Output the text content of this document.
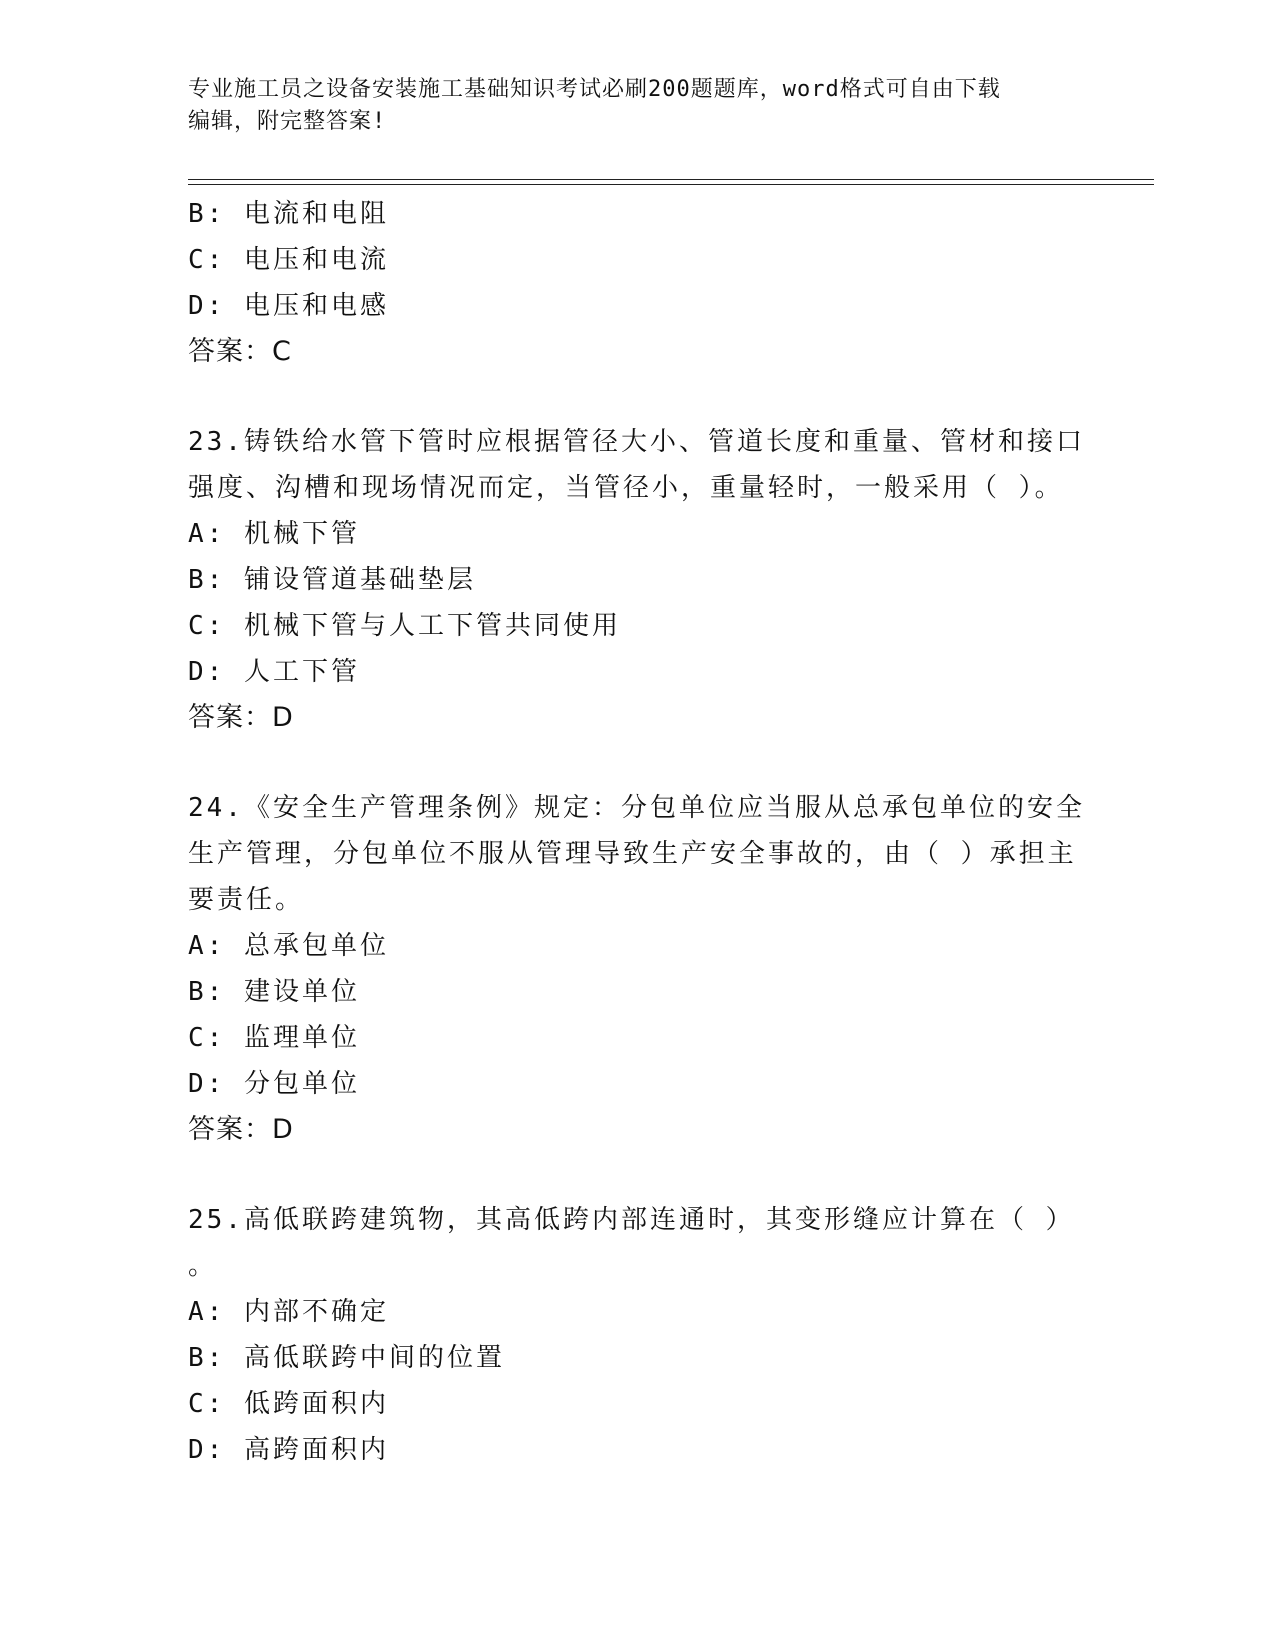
专业施工员之设备安装施工基础知识考试必刷200题题库，word格式可自由下载
编辑，附完整答案!
B: 电流和电阻
C: 电压和电流
D: 电压和电感
答案：C
23.铸铁给水管下管时应根据管径大小、管道长度和重量、管材和接口
强度、沟槽和现场情况而定，当管径小，重量轻时，一般采用（ ）。
A: 机械下管
B: 铺设管道基础垫层
C: 机械下管与人工下管共同使用
D: 人工下管
答案：D
24.《安全生产管理条例》规定：分包单位应当服从总承包单位的安全
生产管理，分包单位不服从管理导致生产安全事故的，由（ ）承担主
要责任。
A: 总承包单位
B: 建设单位
C: 监理单位
D: 分包单位
答案：D
25.高低联跨建筑物，其高低跨内部连通时，其变形缝应计算在（ ）
。
A: 内部不确定
B: 高低联跨中间的位置
C: 低跨面积内
D: 高跨面积内
